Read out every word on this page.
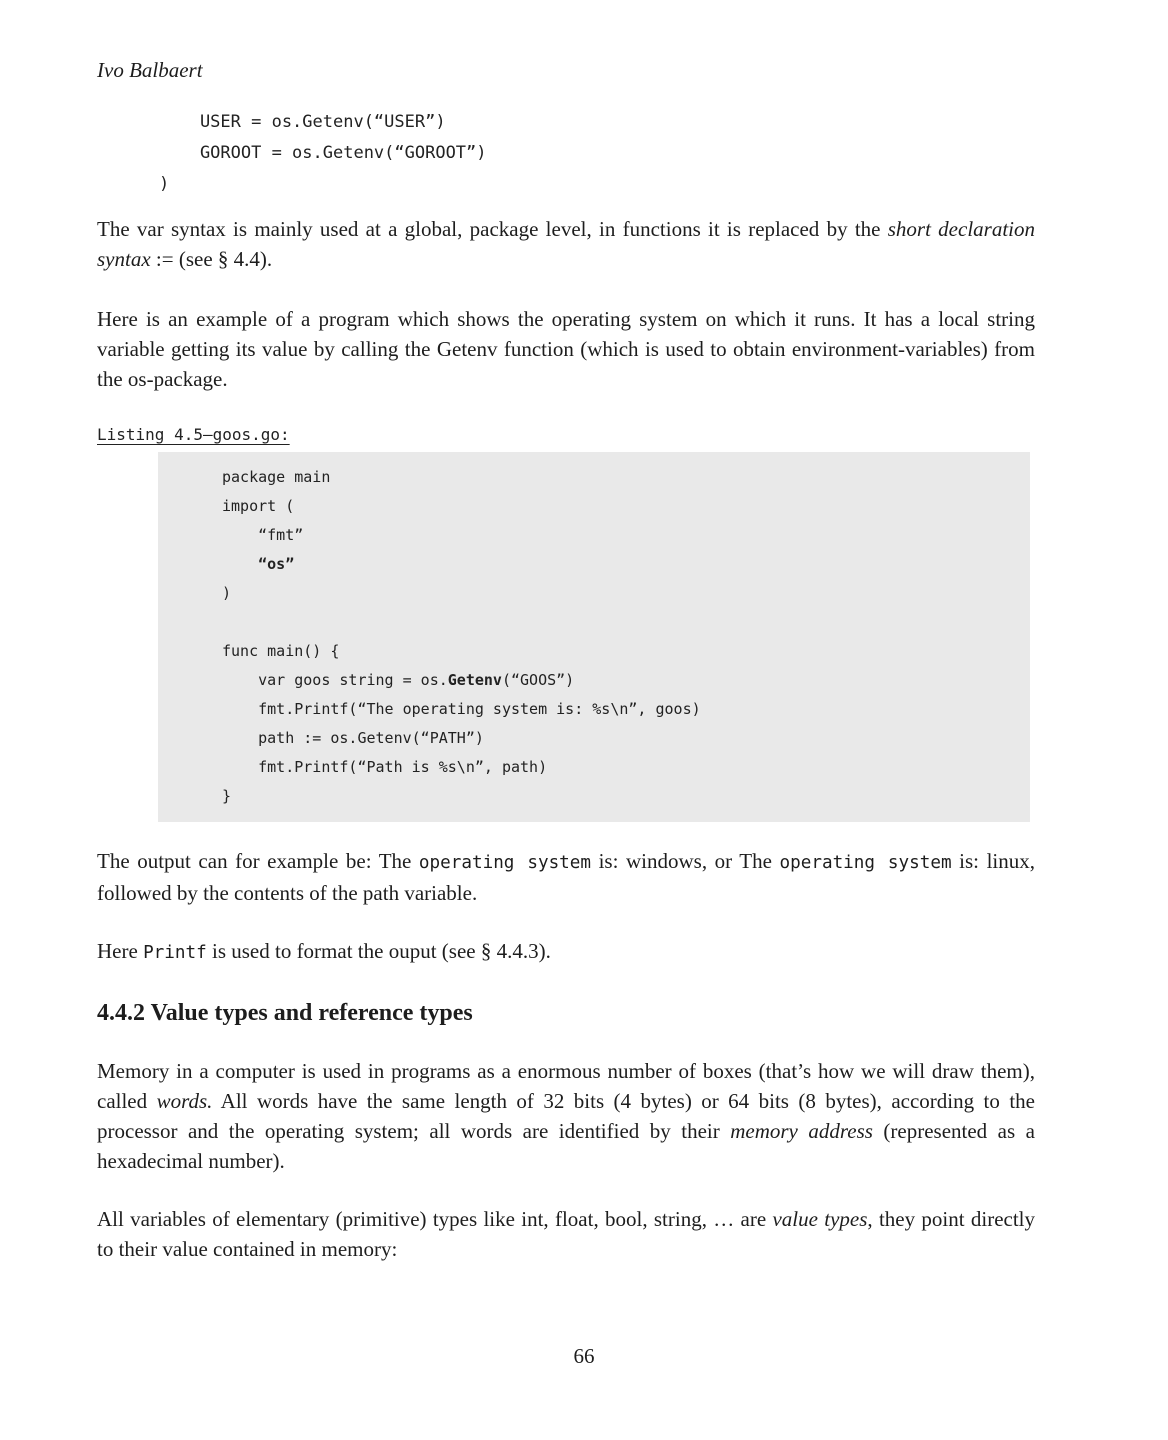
Ivo Balbaert
USER = os.Getenv(“USER”)
GOROOT = os.Getenv(“GOROOT”)
)

The var syntax is mainly used at a global, package level, in functions it is replaced by the short declaration syntax := (see § 4.4).

Here is an example of a program which shows the operating system on which it runs. It has a local string variable getting its value by calling the Getenv function (which is used to obtain environment-variables) from the os-package.

Listing 4.5—goos.go:
package main
import (
“fmt”
“os”
)

func main() {
var goos string = os.Getenv(“GOOS”)
fmt.Printf(“The operating system is: %s\n”, goos)
path := os.Getenv(“PATH”)
fmt.Printf(“Path is %s\n”, path)
}

The output can for example be: The operating system is: windows, or The operating system is: linux, followed by the contents of the path variable.

Here Printf is used to format the ouput (see § 4.4.3).

4.4.2 Value types and reference types

Memory in a computer is used in programs as a enormous number of boxes (that’s how we will draw them), called words. All words have the same length of 32 bits (4 bytes) or 64 bits (8 bytes), according to the processor and the operating system; all words are identified by their memory address (represented as a hexadecimal number).

All variables of elementary (primitive) types like int, float, bool, string, … are value types, they point directly to their value contained in memory:

66
